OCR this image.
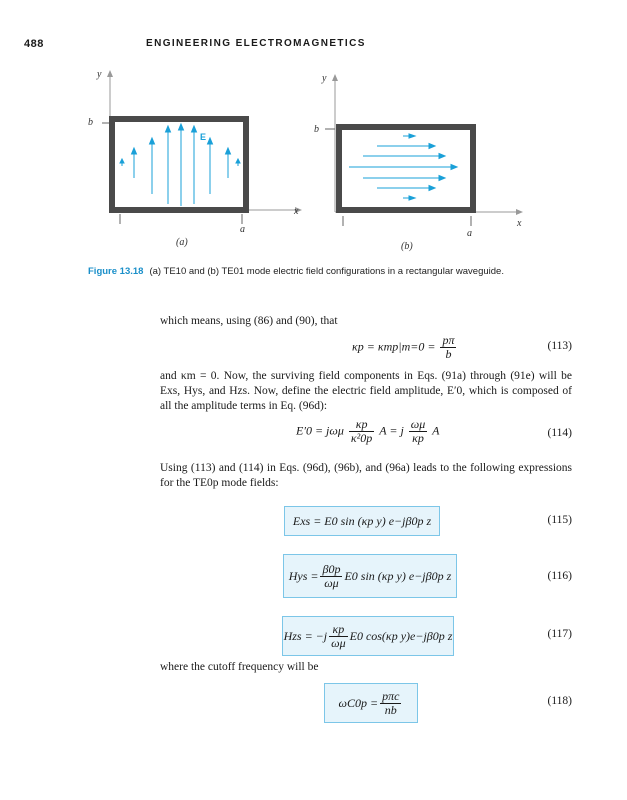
488	ENGINEERING ELECTROMAGNETICS
y
x
b
a
E
(a)
y
x
b
a
(b)
Figure 13.18 (a) TE10 and (b) TE01 mode electric field configurations in a rectangular waveguide.
which means, using (86) and (90), that
$\kappa p = \kappa mp|m=0 = \frac{p\pi}{b}$	(113)
and κm = 0. Now, the surviving field components in Eqs. (91a) through (91e) will be Exs, Hys, and Hzs. Now, define the electric field amplitude, E′0, which is composed of all the amplitude terms in Eq. (96d):
E′0 = jωμ $\frac{\kappa p}{\text{κ²0p}}$ A = j $\frac{\omega\mu}{\kappa p}$ A	(114)
Using (113) and (114) in Eqs. (96d), (96b), and (96a) leads to the following expressions for the TE0p mode fields:
Exs = E0 sin (κp y) e−jβ0p z	(115)
Hys = $\frac{\beta 0p}{\omega\mu} E0$ sin (κp y) e−jβ0p z	(116)
Hzs = $-j \frac{\kappa p}{\omega\mu} E0$ cos(κp y)e−jβ0p z	(117)
where the cutoff frequency will be
$\omega C0p = \frac{\text{pπc}}{nb}$	(118)
